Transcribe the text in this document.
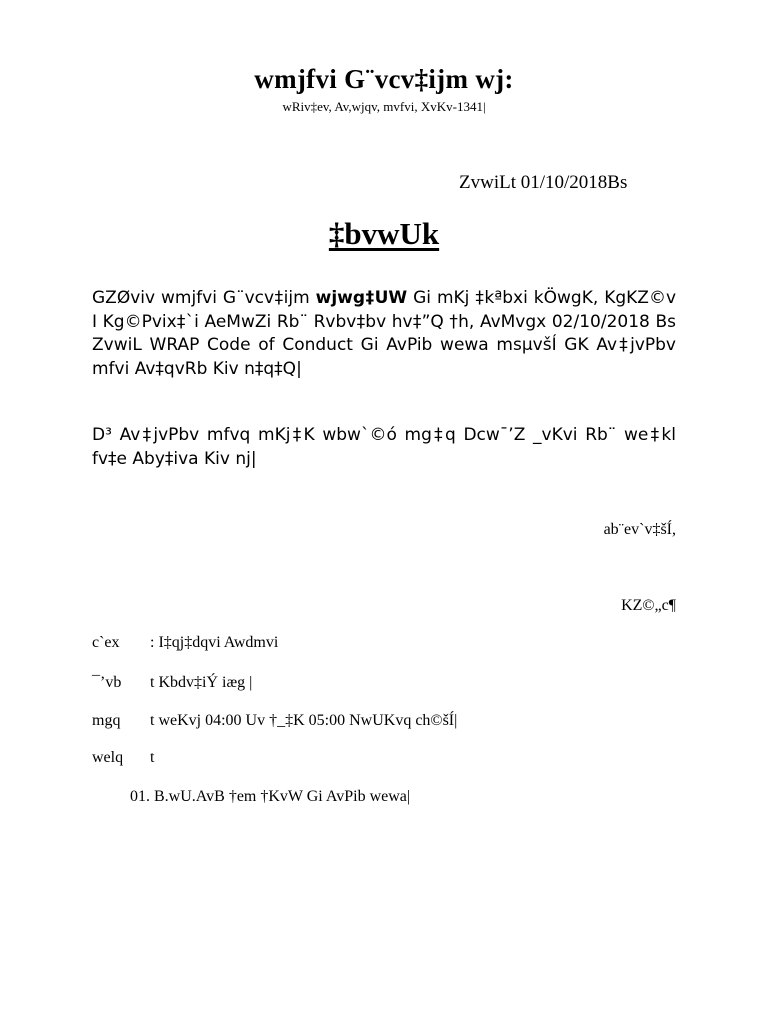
wmjfvi G¨vcv‡ijm wj:
wRiv‡ev, Av,wjqv, mvfvi, XvKv-1341|
ZvwiLt 01/10/2018Bs
‡bvwUk

GZØviv wmjfvi G¨vcv‡ijm wjwg‡UW Gi mKj ‡kªbxi kÖwgK, KgKZ©v I Kg©Pvix‡`i AeMwZi Rb¨ Rvbv‡bv hv‡”Q †h, AvMvgx 02/10/2018 Bs ZvwiL WRAP Code of Conduct Gi AvPib wewa msµvšÍ GK Av‡jvPbv mfvi Av‡qvRb Kiv n‡q‡Q|

D³ Av‡jvPbv mfvq mKj‡K wbw`©ó mg‡q Dcw¯’Z _vKvi Rb¨ we‡kl fv‡e Aby‡iva Kiv nj|

ab¨ev`v‡šÍ,
KZ©„c¶
c`ex : I‡qj‡dqvi Awdmvi
¯’vb t Kbdv‡iÝ iæg |
mgq t weKvj 04:00 Uv †_‡K 05:00 NwUKvq ch©šÍ|
welq t
01. B.wU.AvB †em †KvW Gi AvPib wewa|
